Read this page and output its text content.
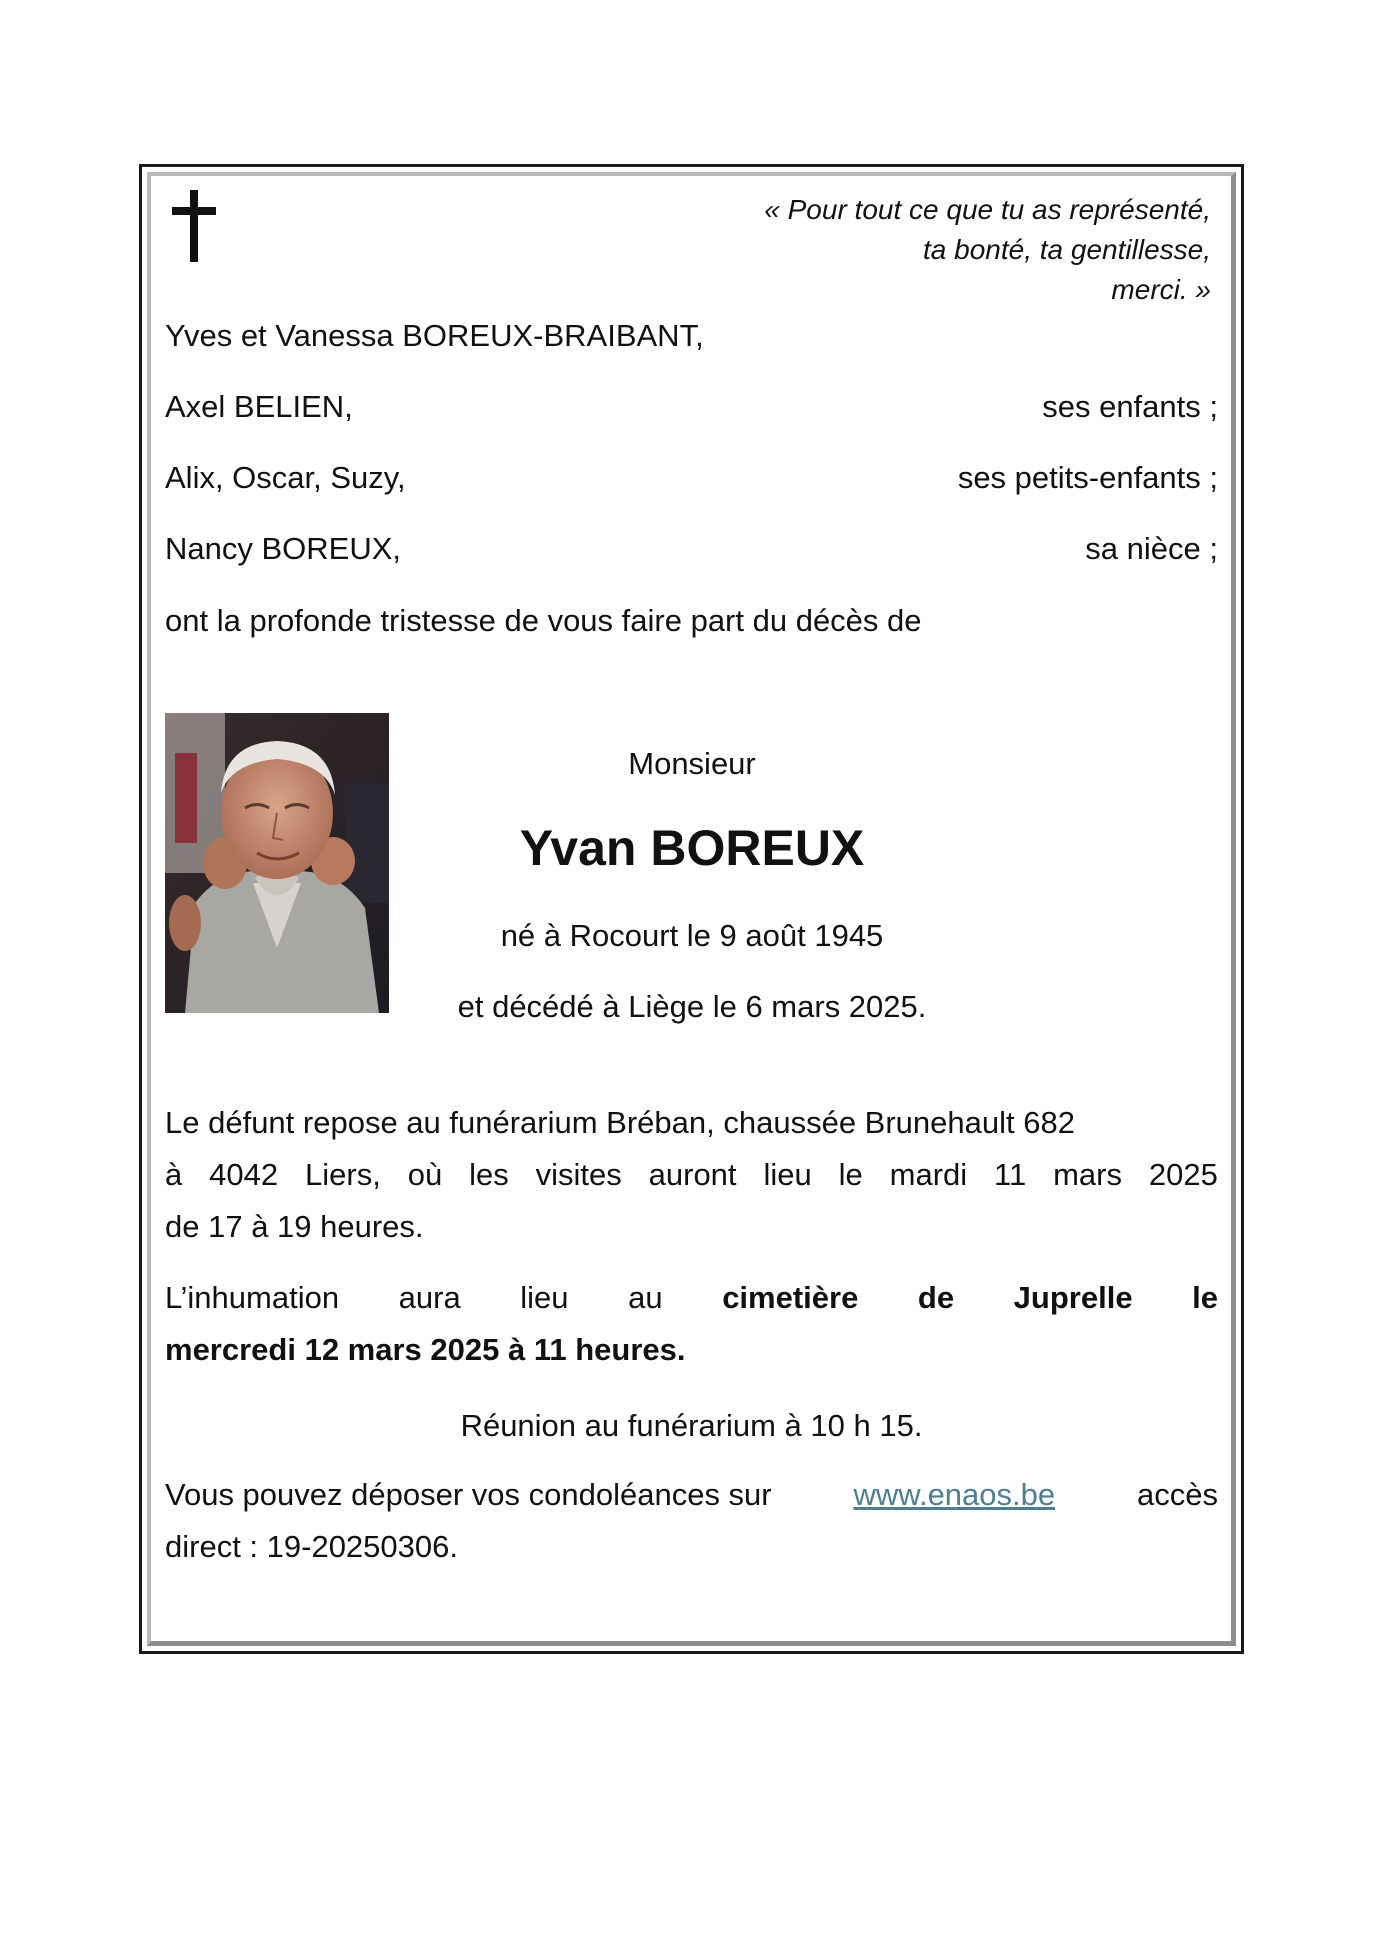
« Pour tout ce que tu as représenté,
ta bonté, ta gentillesse,
merci. »
Yves et Vanessa BOREUX-BRAIBANT,
Axel BELIEN,	ses enfants ;
Alix, Oscar, Suzy,	ses petits-enfants ;
Nancy BOREUX,	sa nièce ;
ont la profonde tristesse de vous faire part du décès de
Monsieur
Yvan BOREUX
né à Rocourt le 9 août 1945
et décédé à Liège le 6 mars 2025.
Le défunt repose au funérarium Bréban, chaussée Brunehault 682
à 4042 Liers, où les visites auront lieu le mardi 11 mars 2025
de 17 à 19 heures.
L’inhumation aura lieu au cimetière de Juprelle le
mercredi 12 mars 2025 à 11 heures.
Réunion au funérarium à 10 h 15.
Vous pouvez déposer vos condoléances sur	www.enaos.be	accès
direct : 19-20250306.
